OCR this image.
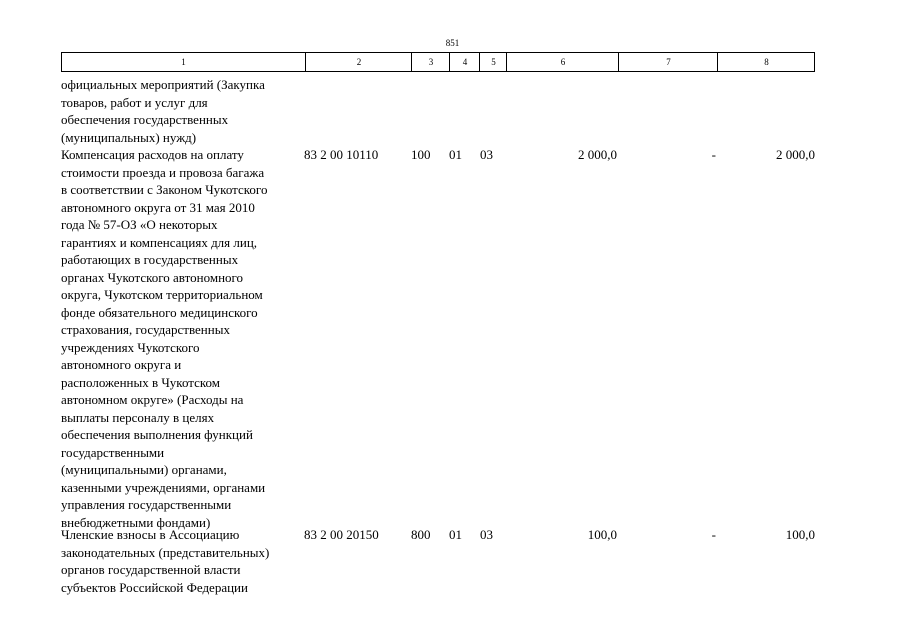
851
1	2	3	4	5	6	7	8
официальных мероприятий (Закупка
товаров, работ и услуг для
обеспечения государственных
(муниципальных) нужд)
Компенсация расходов на оплату
стоимости проезда и провоза багажа
в соответствии с Законом Чукотского
автономного округа от 31 мая 2010
года № 57-ОЗ «О некоторых
гарантиях и компенсациях для лиц,
работающих в государственных
органах Чукотского автономного
округа, Чукотском территориальном
фонде обязательного медицинского
страхования, государственных
учреждениях Чукотского
автономного округа и
расположенных в Чукотском
автономном округе» (Расходы на
выплаты персоналу в целях
обеспечения выполнения функций
государственными
(муниципальными) органами,
казенными учреждениями, органами
управления государственными
внебюджетными фондами)
83 2 00 10110	100	01	03	2 000,0	-	2 000,0
Членские взносы в Ассоциацию
законодательных (представительных)
органов государственной власти
субъектов Российской Федерации
83 2 00 20150	800	01	03	100,0	-	100,0
